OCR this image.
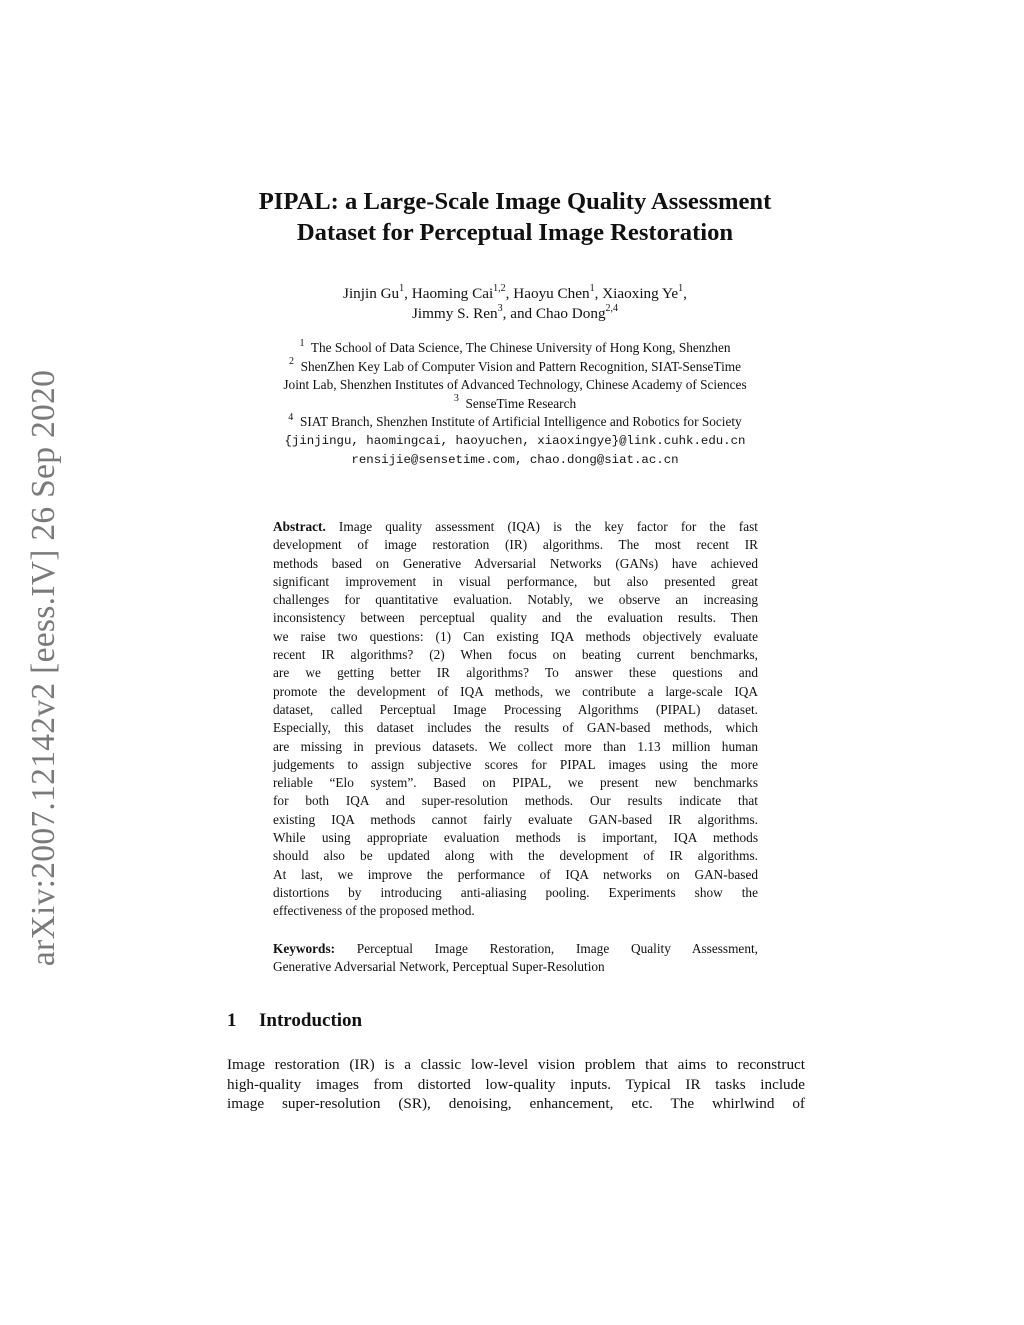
arXiv:2007.12142v2 [eess.IV] 26 Sep 2020
PIPAL: a Large-Scale Image Quality Assessment
Dataset for Perceptual Image Restoration
Jinjin Gu$^1$, Haoming Cai$^{1,2}$, Haoyu Chen$^1$, Xiaoxing Ye$^1$,
Jimmy S. Ren$^3$, and Chao Dong$^{2,4}$
$^1$ The School of Data Science, The Chinese University of Hong Kong, Shenzhen
$^2$ ShenZhen Key Lab of Computer Vision and Pattern Recognition, SIAT-SenseTime
Joint Lab, Shenzhen Institutes of Advanced Technology, Chinese Academy of Sciences
$^3$ SenseTime Research
$^4$ SIAT Branch, Shenzhen Institute of Artificial Intelligence and Robotics for Society
{jinjingu, haomingcai, haoyuchen, xiaoxingye}@link.cuhk.edu.cn
rensijie@sensetime.com, chao.dong@siat.ac.cn
Abstract. Image quality assessment (IQA) is the key factor for the fast
development of image restoration (IR) algorithms. The most recent IR
methods based on Generative Adversarial Networks (GANs) have achieved
significant improvement in visual performance, but also presented great
challenges for quantitative evaluation. Notably, we observe an increasing
inconsistency between perceptual quality and the evaluation results. Then
we raise two questions: (1) Can existing IQA methods objectively evaluate
recent IR algorithms? (2) When focus on beating current benchmarks,
are we getting better IR algorithms? To answer these questions and
promote the development of IQA methods, we contribute a large-scale IQA
dataset, called Perceptual Image Processing Algorithms (PIPAL) dataset.
Especially, this dataset includes the results of GAN-based methods, which
are missing in previous datasets. We collect more than 1.13 million human
judgements to assign subjective scores for PIPAL images using the more
reliable “Elo system”. Based on PIPAL, we present new benchmarks
for both IQA and super-resolution methods. Our results indicate that
existing IQA methods cannot fairly evaluate GAN-based IR algorithms.
While using appropriate evaluation methods is important, IQA methods
should also be updated along with the development of IR algorithms.
At last, we improve the performance of IQA networks on GAN-based
distortions by introducing anti-aliasing pooling. Experiments show the
effectiveness of the proposed method.
Keywords: Perceptual Image Restoration, Image Quality Assessment,
Generative Adversarial Network, Perceptual Super-Resolution
1 Introduction
Image restoration (IR) is a classic low-level vision problem that aims to reconstruct
high-quality images from distorted low-quality inputs. Typical IR tasks include
image super-resolution (SR), denoising, enhancement, etc. The whirlwind of
